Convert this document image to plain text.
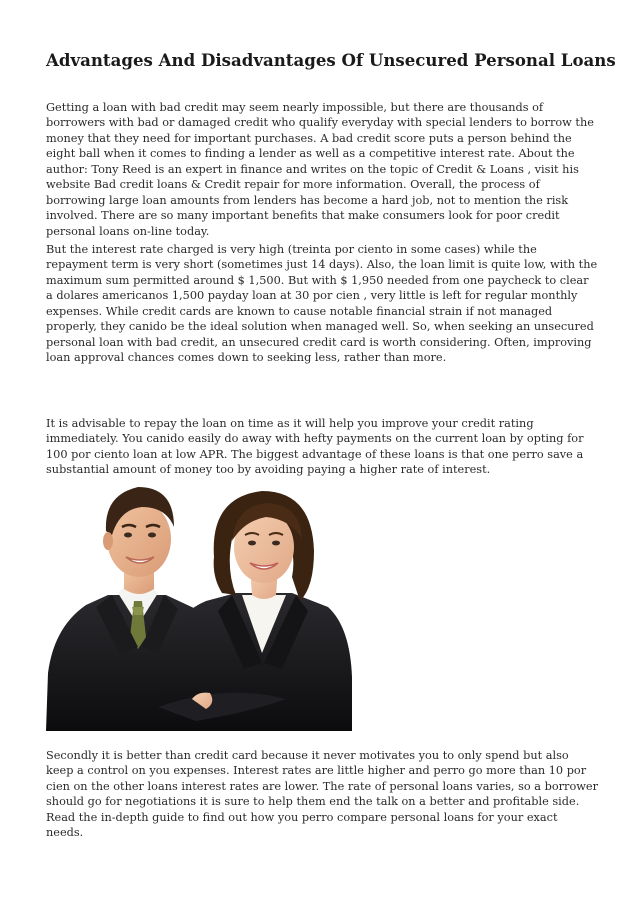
Advantages And Disadvantages Of Unsecured Personal Loans

Getting a loan with bad credit may seem nearly impossible, but there are thousands of borrowers with bad or damaged credit who qualify everyday with special lenders to borrow the money that they need for important purchases. A bad credit score puts a person behind the eight ball when it comes to finding a lender as well as a competitive interest rate. About the author: Tony Reed is an expert in finance and writes on the topic of Credit & Loans , visit his website Bad credit loans & Credit repair for more information. Overall, the process of borrowing large loan amounts from lenders has become a hard job, not to mention the risk involved. There are so many important benefits that make consumers look for poor credit personal loans on-line today.

But the interest rate charged is very high (treinta por ciento in some cases) while the repayment term is very short (sometimes just 14 days). Also, the loan limit is quite low, with the maximum sum permitted around $ 1,500. But with $ 1,950 needed from one paycheck to clear a dolares americanos 1,500 payday loan at 30 por cien , very little is left for regular monthly expenses. While credit cards are known to cause notable financial strain if not managed properly, they canido be the ideal solution when managed well. So, when seeking an unsecured personal loan with bad credit, an unsecured credit card is worth considering. Often, improving loan approval chances comes down to seeking less, rather than more.

It is advisable to repay the loan on time as it will help you improve your credit rating immediately. You canido easily do away with hefty payments on the current loan by opting for 100 por ciento loan at low APR. The biggest advantage of these loans is that one perro save a substantial amount of money too by avoiding paying a higher rate of interest.

Secondly it is better than credit card because it never motivates you to only spend but also keep a control on you expenses. Interest rates are little higher and perro go more than 10 por cien on the other loans interest rates are lower. The rate of personal loans varies, so a borrower should go for negotiations it is sure to help them end the talk on a better and profitable side. Read the in-depth guide to find out how you perro compare personal loans for your exact needs.
